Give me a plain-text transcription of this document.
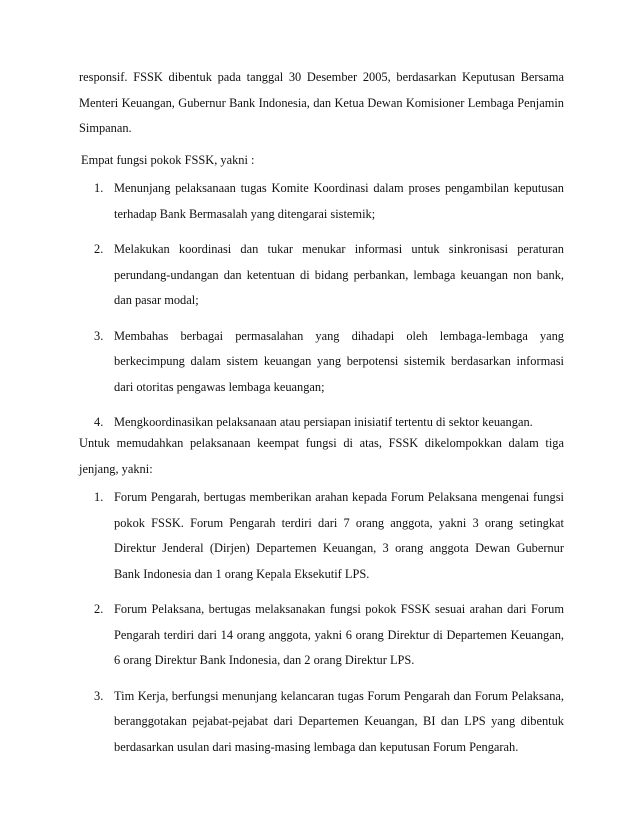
responsif. FSSK dibentuk pada tanggal 30 Desember 2005, berdasarkan Keputusan Bersama Menteri Keuangan, Gubernur Bank Indonesia, dan Ketua Dewan Komisioner Lembaga Penjamin Simpanan.

Empat fungsi pokok FSSK, yakni :

1. Menunjang pelaksanaan tugas Komite Koordinasi dalam proses pengambilan keputusan terhadap Bank Bermasalah yang ditengarai sistemik;
2. Melakukan koordinasi dan tukar menukar informasi untuk sinkronisasi peraturan perundang-undangan dan ketentuan di bidang perbankan, lembaga keuangan non bank, dan pasar modal;
3. Membahas berbagai permasalahan yang dihadapi oleh lembaga-lembaga yang berkecimpung dalam sistem keuangan yang berpotensi sistemik berdasarkan informasi dari otoritas pengawas lembaga keuangan;
4. Mengkoordinasikan pelaksanaan atau persiapan inisiatif tertentu di sektor keuangan.

Untuk memudahkan pelaksanaan keempat fungsi di atas, FSSK dikelompokkan dalam tiga jenjang, yakni:

1. Forum Pengarah, bertugas memberikan arahan kepada Forum Pelaksana mengenai fungsi pokok FSSK. Forum Pengarah terdiri dari 7 orang anggota, yakni 3 orang setingkat Direktur Jenderal (Dirjen) Departemen Keuangan, 3 orang anggota Dewan Gubernur Bank Indonesia dan 1 orang Kepala Eksekutif LPS.
2. Forum Pelaksana, bertugas melaksanakan fungsi pokok FSSK sesuai arahan dari Forum Pengarah terdiri dari 14 orang anggota, yakni 6 orang Direktur di Departemen Keuangan, 6 orang Direktur Bank Indonesia, dan 2 orang Direktur LPS.
3. Tim Kerja, berfungsi menunjang kelancaran tugas Forum Pengarah dan Forum Pelaksana, beranggotakan pejabat-pejabat dari Departemen Keuangan, BI dan LPS yang dibentuk berdasarkan usulan dari masing-masing lembaga dan keputusan Forum Pengarah.
